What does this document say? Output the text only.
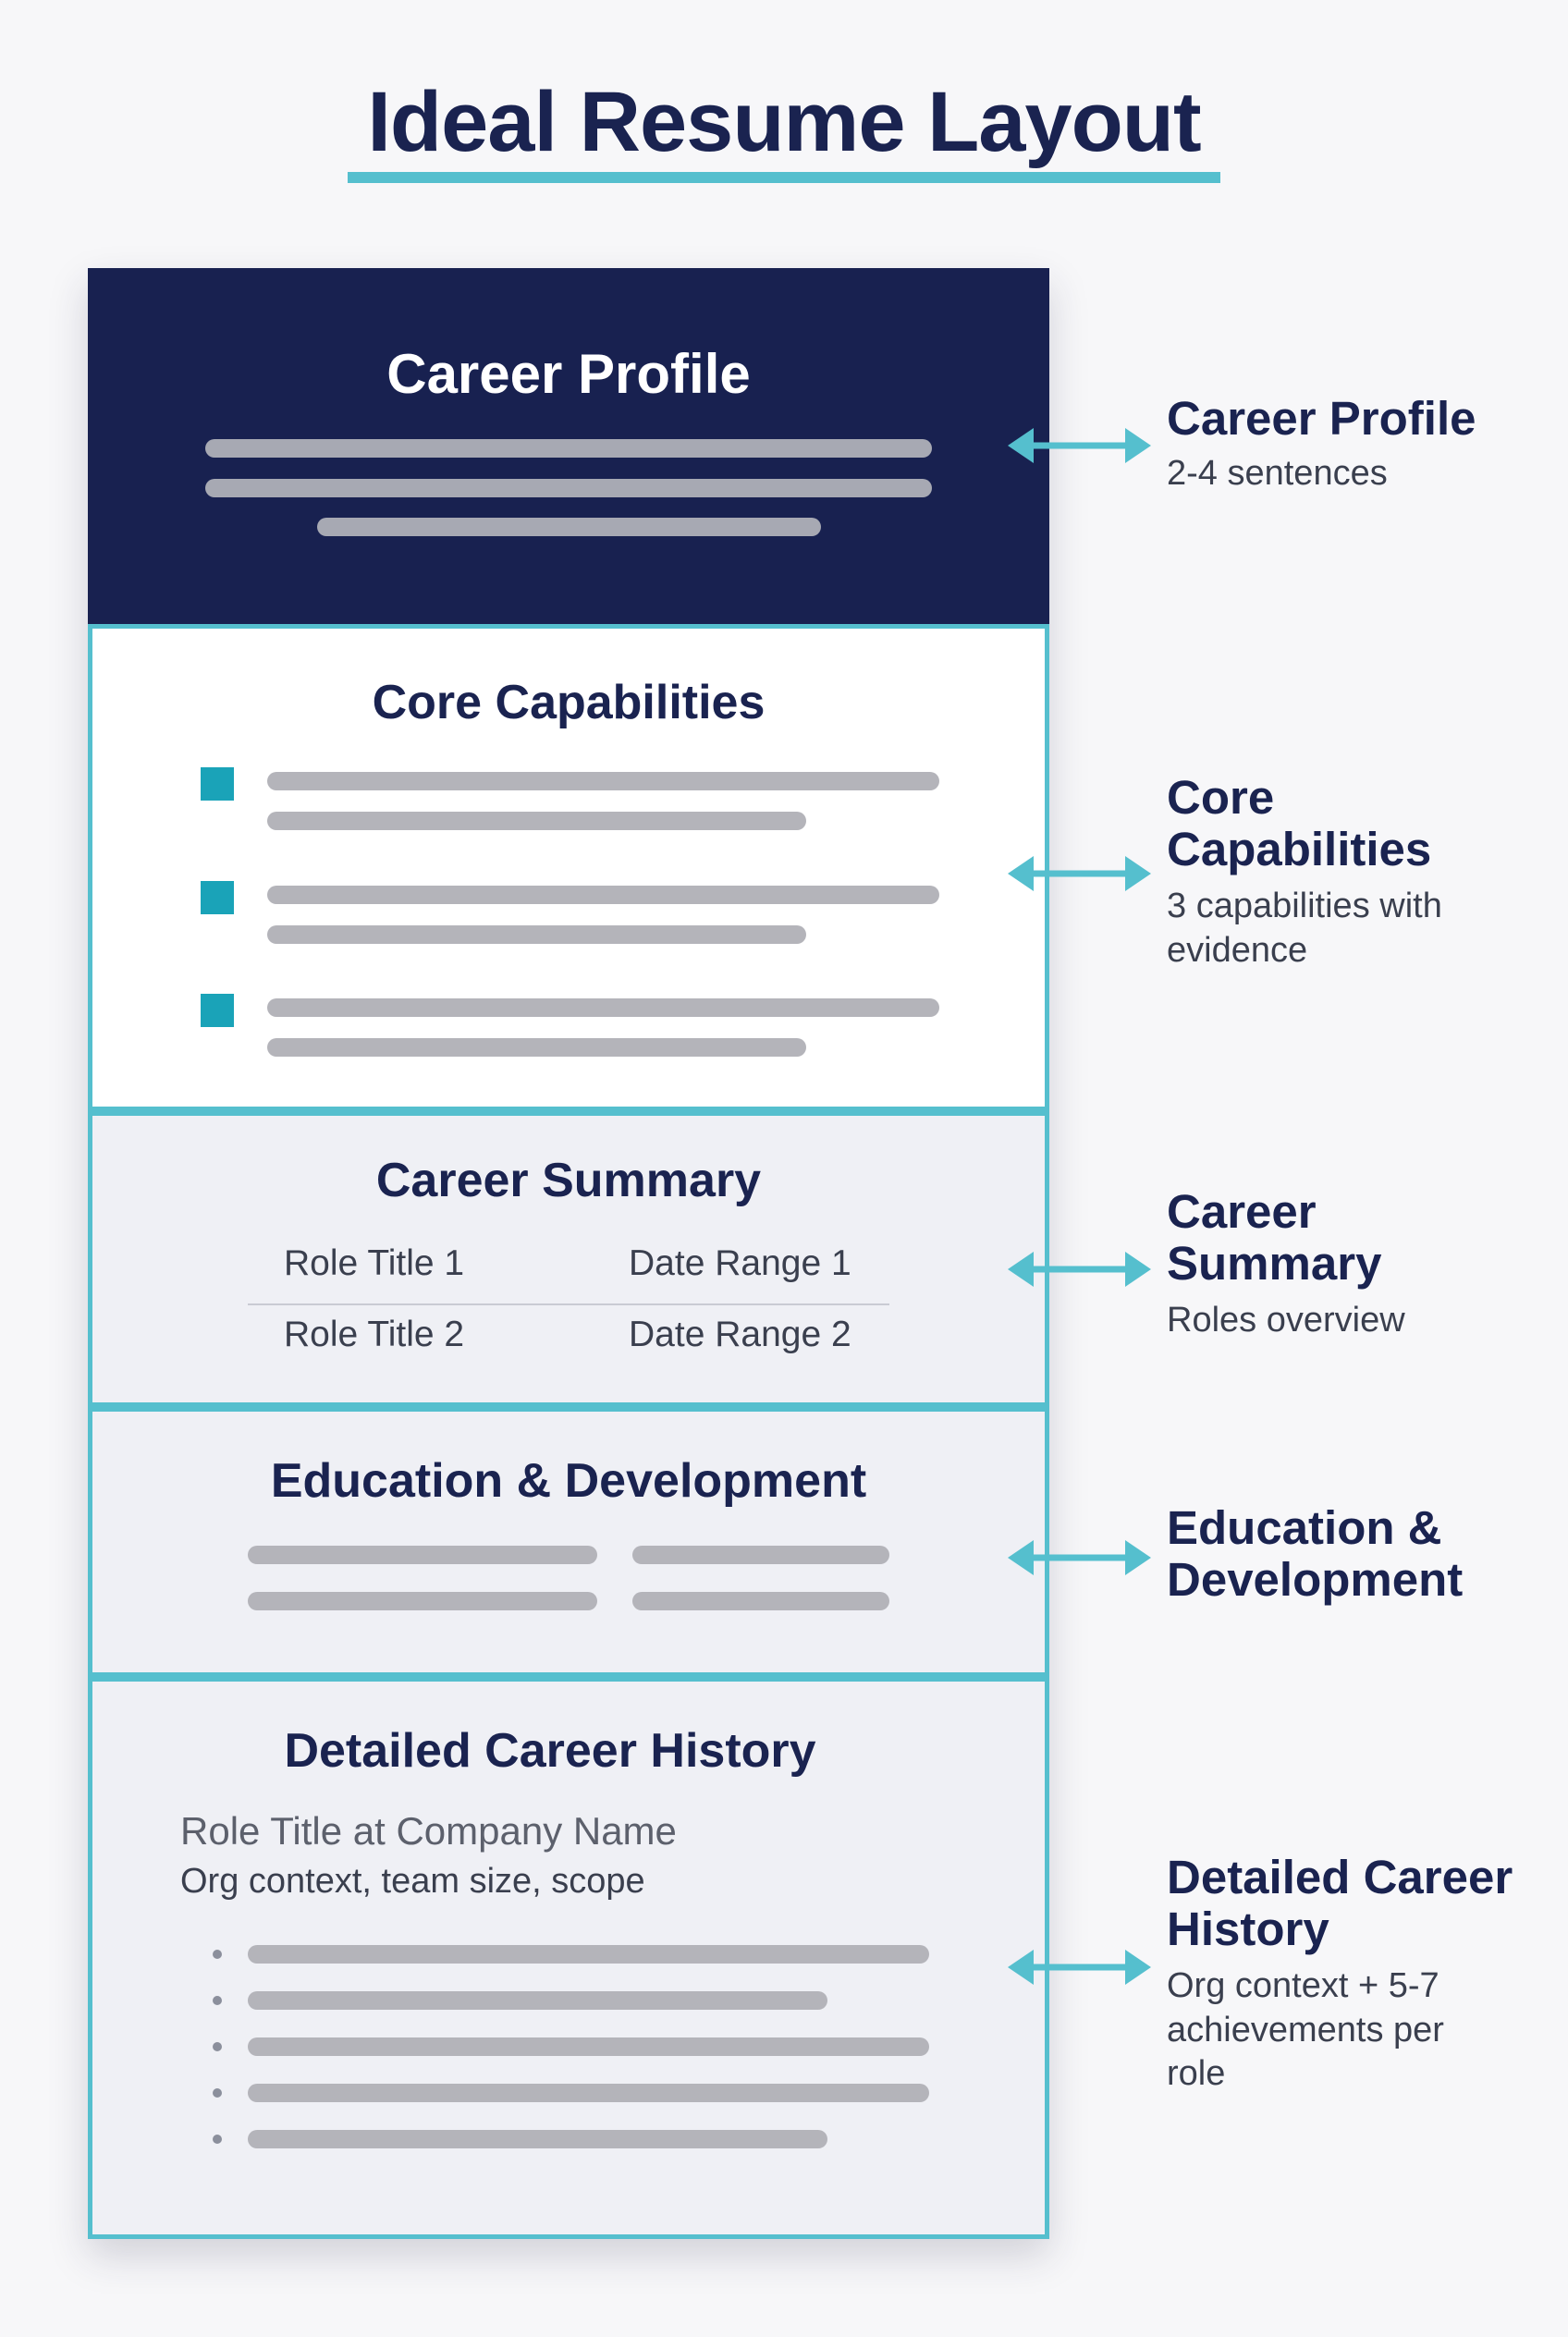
Ideal Resume Layout
Career Profile
Core Capabilities
Career Summary
Role Title 1	Date Range 1
Role Title 2	Date Range 2
Education & Development
Detailed Career History
Role Title at Company Name
Org context, team size, scope
Career Profile
2-4 sentences
Core Capabilities
3 capabilities with evidence
Career Summary
Roles overview
Education & Development
Detailed Career History
Org context + 5-7 achievements per role
